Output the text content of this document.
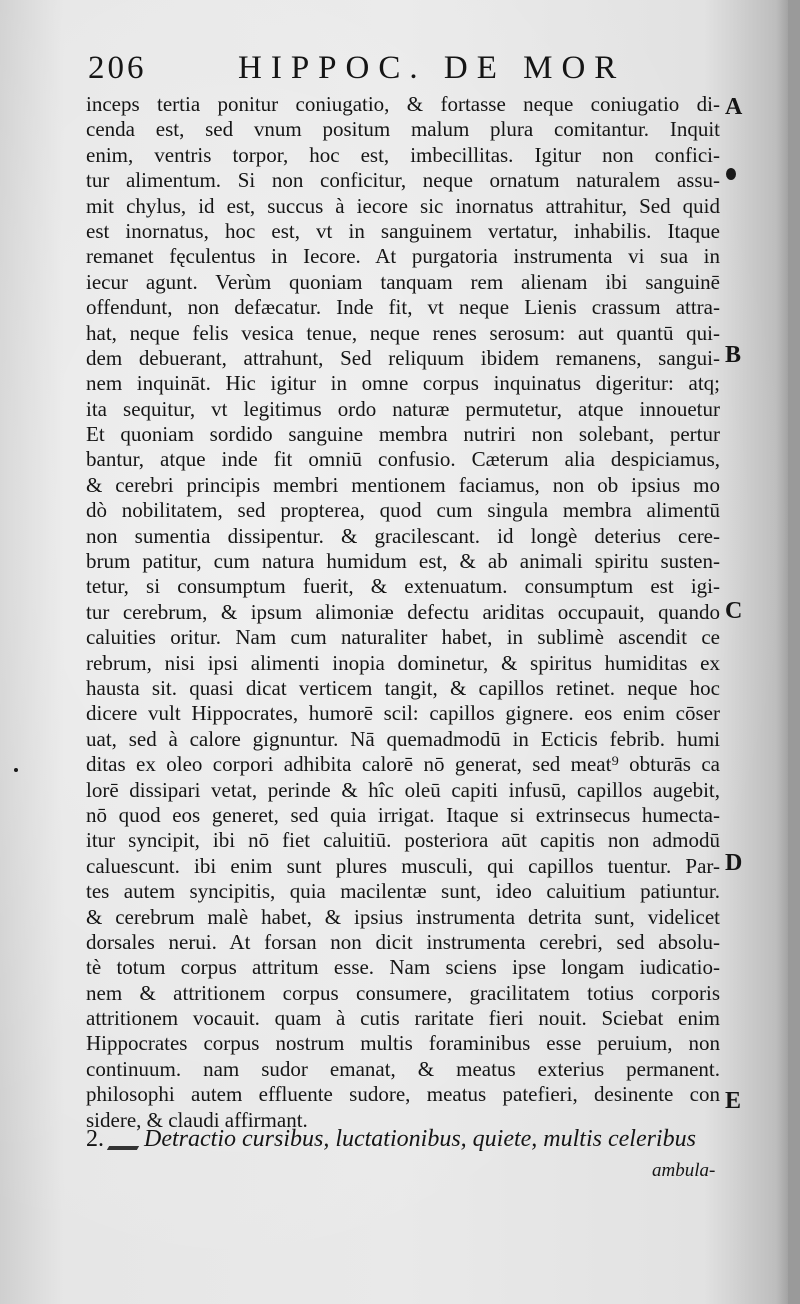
206	HIPPOC. DE MOR
inceps tertia ponitur coniugatio, & fortasse neque coniugatio di-
cenda est, sed vnum positum malum plura comitantur. Inquit
enim, ventris torpor, hoc est, imbecillitas. Igitur non confici-
tur alimentum. Si non conficitur, neque ornatum naturalem assu-
mit chylus, id est, succus à iecore sic inornatus attrahitur, Sed quid
est inornatus, hoc est, vt in sanguinem vertatur, inhabilis. Itaque
remanet fęculentus in Iecore. At purgatoria instrumenta vi sua in
iecur agunt. Verùm quoniam tanquam rem alienam ibi sanguinē
offendunt, non defæcatur. Inde fit, vt neque Lienis crassum attra-
hat, neque felis vesica tenue, neque renes serosum: aut quantū qui-
dem debuerant, attrahunt, Sed reliquum ibidem remanens, sangui-
nem inquināt. Hic igitur in omne corpus inquinatus digeritur: atq;
ita sequitur, vt legitimus ordo naturæ permutetur, atque innouetur
Et quoniam sordido sanguine membra nutriri non solebant, pertur
bantur, atque inde fit omniū confusio. Cæterum alia despiciamus,
& cerebri principis membri mentionem faciamus, non ob ipsius mo
dò nobilitatem, sed propterea, quod cum singula membra alimentū
non sumentia dissipentur. & gracilescant. id longè deterius cere-
brum patitur, cum natura humidum est, & ab animali spiritu susten-
tetur, si consumptum fuerit, & extenuatum. consumptum est igi-
tur cerebrum, & ipsum alimoniæ defectu ariditas occupauit, quando
caluities oritur. Nam cum naturaliter habet, in sublimè ascendit ce
rebrum, nisi ipsi alimenti inopia dominetur, & spiritus humiditas ex
hausta sit. quasi dicat verticem tangit, & capillos retinet. neque hoc
dicere vult Hippocrates, humorē scil: capillos gignere. eos enim cōser
uat, sed à calore gignuntur. Nā quemadmodū in Ecticis febrib. humi
ditas ex oleo corpori adhibita calorē nō generat, sed meat⁹ obturās ca
lorē dissipari vetat, perinde & hîc oleū capiti infusū, capillos augebit,
nō quod eos generet, sed quia irrigat. Itaque si extrinsecus humecta-
itur syncipit, ibi nō fiet caluitiū. posteriora aūt capitis non admodū
caluescunt. ibi enim sunt plures musculi, qui capillos tuentur. Par-
tes autem syncipitis, quia macilentæ sunt, ideo caluitium patiuntur.
& cerebrum malè habet, & ipsius instrumenta detrita sunt, videlicet
dorsales nerui. At forsan non dicit instrumenta cerebri, sed absolu-
tè totum corpus attritum esse. Nam sciens ipse longam iudicatio-
nem & attritionem corpus consumere, gracilitatem totius corporis
attritionem vocauit. quam à cutis raritate fieri nouit. Sciebat enim
Hippocrates corpus nostrum multis foraminibus esse peruium, non
continuum. nam sudor emanat, & meatus exterius permanent.
philosophi autem effluente sudore, meatus patefieri, desinente con
sidere, & claudi affirmant.
A
B
C
D
E
2. Detractio cursibus, luctationibus, quiete, multis celeribus
ambula-
